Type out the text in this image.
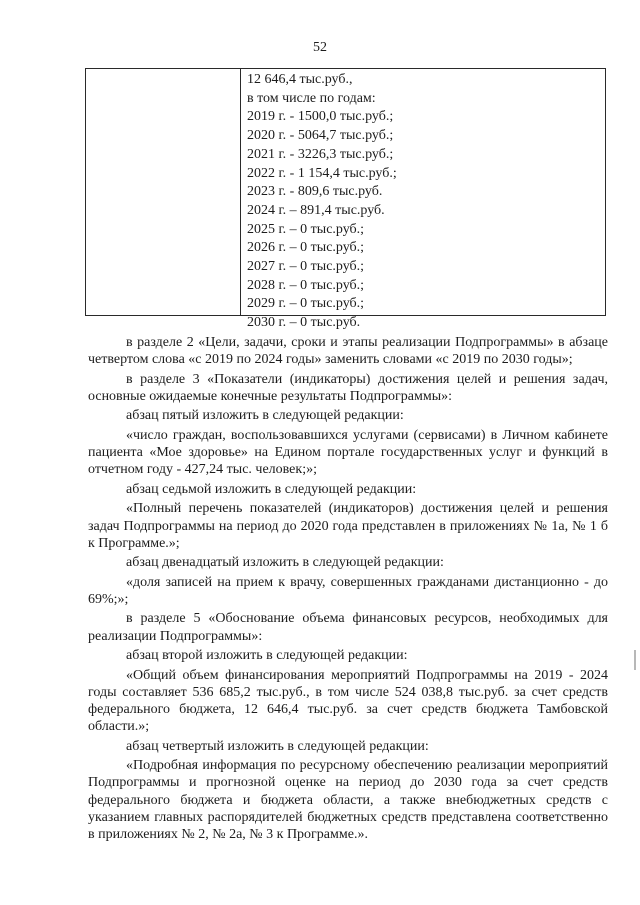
52
12 646,4 тыс.руб.,
в том числе по годам:
2019 г. - 1500,0 тыс.руб.;
2020 г. - 5064,7 тыс.руб.;
2021 г. - 3226,3 тыс.руб.;
2022 г. - 1 154,4 тыс.руб.;
2023 г. - 809,6 тыс.руб.
2024 г. – 891,4 тыс.руб.
2025 г. – 0 тыс.руб.;
2026 г. – 0 тыс.руб.;
2027 г. – 0 тыс.руб.;
2028 г. – 0 тыс.руб.;
2029 г. – 0 тыс.руб.;
2030 г. – 0 тыс.руб.

в разделе 2 «Цели, задачи, сроки и этапы реализации Подпрограммы» в абзаце четвертом слова «с 2019 по 2024 годы» заменить словами «с 2019 по 2030 годы»;

в разделе 3 «Показатели (индикаторы) достижения целей и решения задач, основные ожидаемые конечные результаты Подпрограммы»:

абзац пятый изложить в следующей редакции:

«число граждан, воспользовавшихся услугами (сервисами) в Личном кабинете пациента «Мое здоровье» на Едином портале государственных услуг и функций в отчетном году - 427,24 тыс. человек;»;

абзац седьмой изложить в следующей редакции:

«Полный перечень показателей (индикаторов) достижения целей и решения задач Подпрограммы на период до 2020 года представлен в приложениях № 1а, № 1 б к Программе.»;

абзац двенадцатый изложить в следующей редакции:

«доля записей на прием к врачу, совершенных гражданами дистанционно - до 69%;»;

в разделе 5 «Обоснование объема финансовых ресурсов, необходимых для реализации Подпрограммы»:

абзац второй изложить в следующей редакции:

«Общий объем финансирования мероприятий Подпрограммы на 2019 - 2024 годы составляет 536 685,2 тыс.руб., в том числе 524 038,8 тыс.руб. за счет средств федерального бюджета, 12 646,4 тыс.руб. за счет средств бюджета Тамбовской области.»;

абзац четвертый изложить в следующей редакции:

«Подробная информация по ресурсному обеспечению реализации мероприятий Подпрограммы и прогнозной оценке на период до 2030 года за счет средств федерального бюджета и бюджета области, а также внебюджетных средств с указанием главных распорядителей бюджетных средств представлена соответственно в приложениях № 2, № 2а, № 3 к Программе.».
